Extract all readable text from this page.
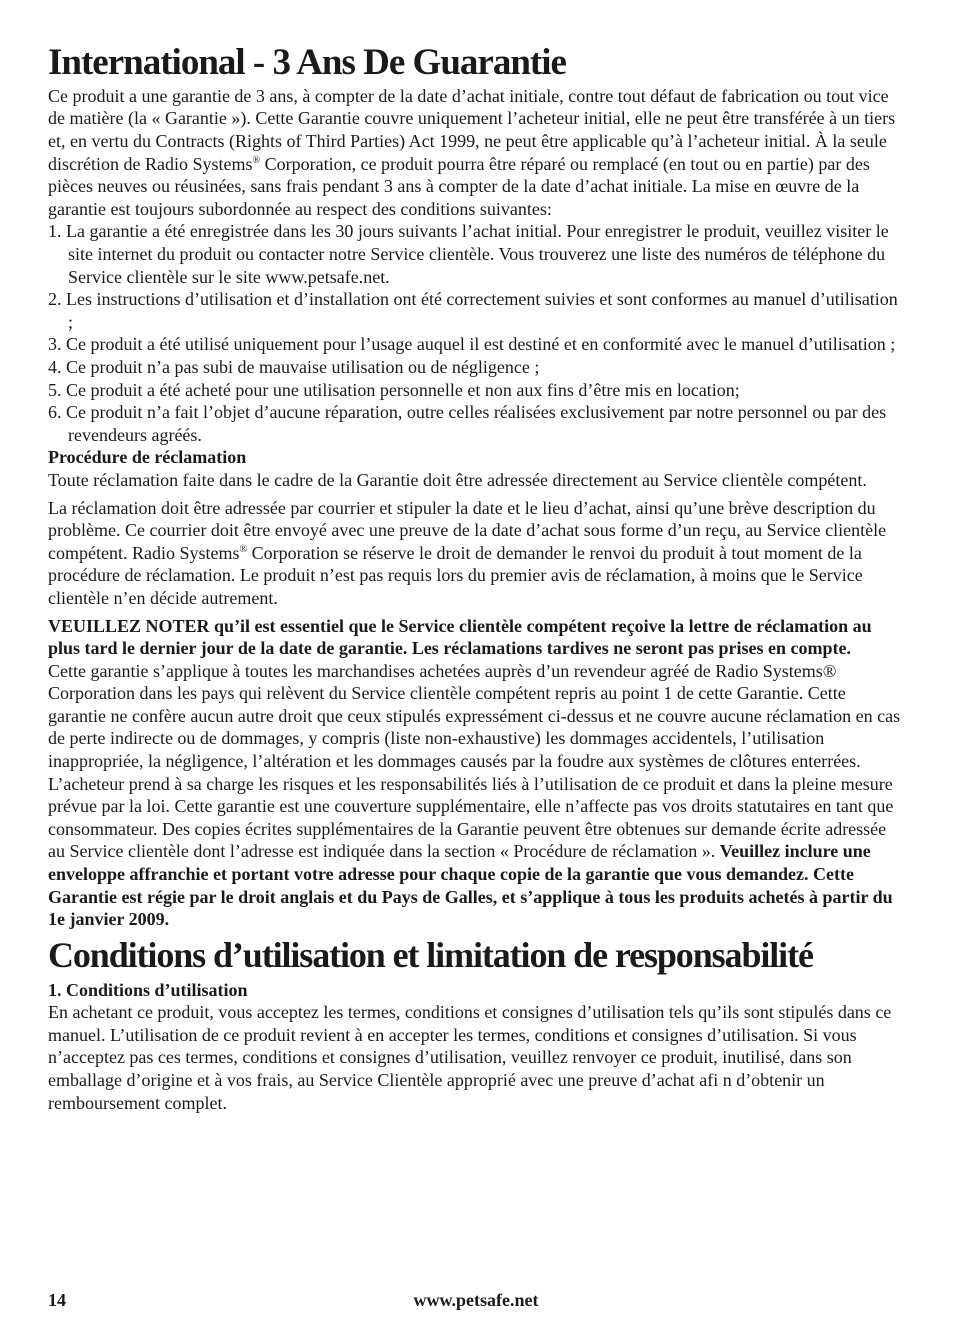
International - 3 Ans De Guarantie

Ce produit a une garantie de 3 ans, à compter de la date d’achat initiale, contre tout défaut de fabrication ou tout vice de matière (la « Garantie »). Cette Garantie couvre uniquement l’acheteur initial, elle ne peut être transférée à un tiers et, en vertu du Contracts (Rights of Third Parties) Act 1999, ne peut être applicable qu’à l’acheteur initial. À la seule discrétion de Radio Systems® Corporation, ce produit pourra être réparé ou remplacé (en tout ou en partie) par des pièces neuves ou réusinées, sans frais pendant 3 ans à compter de la date d’achat initiale. La mise en œuvre de la garantie est toujours subordonnée au respect des conditions suivantes:

1. La garantie a été enregistrée dans les 30 jours suivants l’achat initial. Pour enregistrer le produit, veuillez visiter le site internet du produit ou contacter notre Service clientèle. Vous trouverez une liste des numéros de téléphone du Service clientèle sur le site www.petsafe.net.
2. Les instructions d’utilisation et d’installation ont été correctement suivies et sont conformes au manuel d’utilisation ;
3. Ce produit a été utilisé uniquement pour l’usage auquel il est destiné et en conformité avec le manuel d’utilisation ;
4. Ce produit n’a pas subi de mauvaise utilisation ou de négligence ;
5. Ce produit a été acheté pour une utilisation personnelle et non aux fins d’être mis en location;
6. Ce produit n’a fait l’objet d’aucune réparation, outre celles réalisées exclusivement par notre personnel ou par des revendeurs agréés.

Procédure de réclamation

Toute réclamation faite dans le cadre de la Garantie doit être adressée directement au Service clientèle compétent.

La réclamation doit être adressée par courrier et stipuler la date et le lieu d’achat, ainsi qu’une brève description du problème. Ce courrier doit être envoyé avec une preuve de la date d’achat sous forme d’un reçu, au Service clientèle compétent. Radio Systems® Corporation se réserve le droit de demander le renvoi du produit à tout moment de la procédure de réclamation. Le produit n’est pas requis lors du premier avis de réclamation, à moins que le Service clientèle n’en décide autrement.

VEUILLEZ NOTER qu’il est essentiel que le Service clientèle compétent reçoive la lettre de réclamation au plus tard le dernier jour de la date de garantie. Les réclamations tardives ne seront pas prises en compte.

Cette garantie s’applique à toutes les marchandises achetées auprès d’un revendeur agréé de Radio Systems® Corporation dans les pays qui relèvent du Service clientèle compétent repris au point 1 de cette Garantie. Cette garantie ne confère aucun autre droit que ceux stipulés expressément ci-dessus et ne couvre aucune réclamation en cas de perte indirecte ou de dommages, y compris (liste non-exhaustive) les dommages accidentels, l’utilisation inappropriée, la négligence, l’altération et les dommages causés par la foudre aux systèmes de clôtures enterrées. L’acheteur prend à sa charge les risques et les responsabilités liés à l’utilisation de ce produit et dans la pleine mesure prévue par la loi. Cette garantie est une couverture supplémentaire, elle n’affecte pas vos droits statutaires en tant que consommateur. Des copies écrites supplémentaires de la Garantie peuvent être obtenues sur demande écrite adressée au Service clientèle dont l’adresse est indiquée dans la section « Procédure de réclamation ». Veuillez inclure une enveloppe affranchie et portant votre adresse pour chaque copie de la garantie que vous demandez. Cette Garantie est régie par le droit anglais et du Pays de Galles, et s’applique à tous les produits achetés à partir du 1e janvier 2009.

Conditions d’utilisation et limitation de responsabilité

1. Conditions d’utilisation

En achetant ce produit, vous acceptez les termes, conditions et consignes d’utilisation tels qu’ils sont stipulés dans ce manuel. L’utilisation de ce produit revient à en accepter les termes, conditions et consignes d’utilisation. Si vous n’acceptez pas ces termes, conditions et consignes d’utilisation, veuillez renvoyer ce produit, inutilisé, dans son emballage d’origine et à vos frais, au Service Clientèle approprié avec une preuve d’achat afi n d’obtenir un remboursement complet.

14	www.petsafe.net
